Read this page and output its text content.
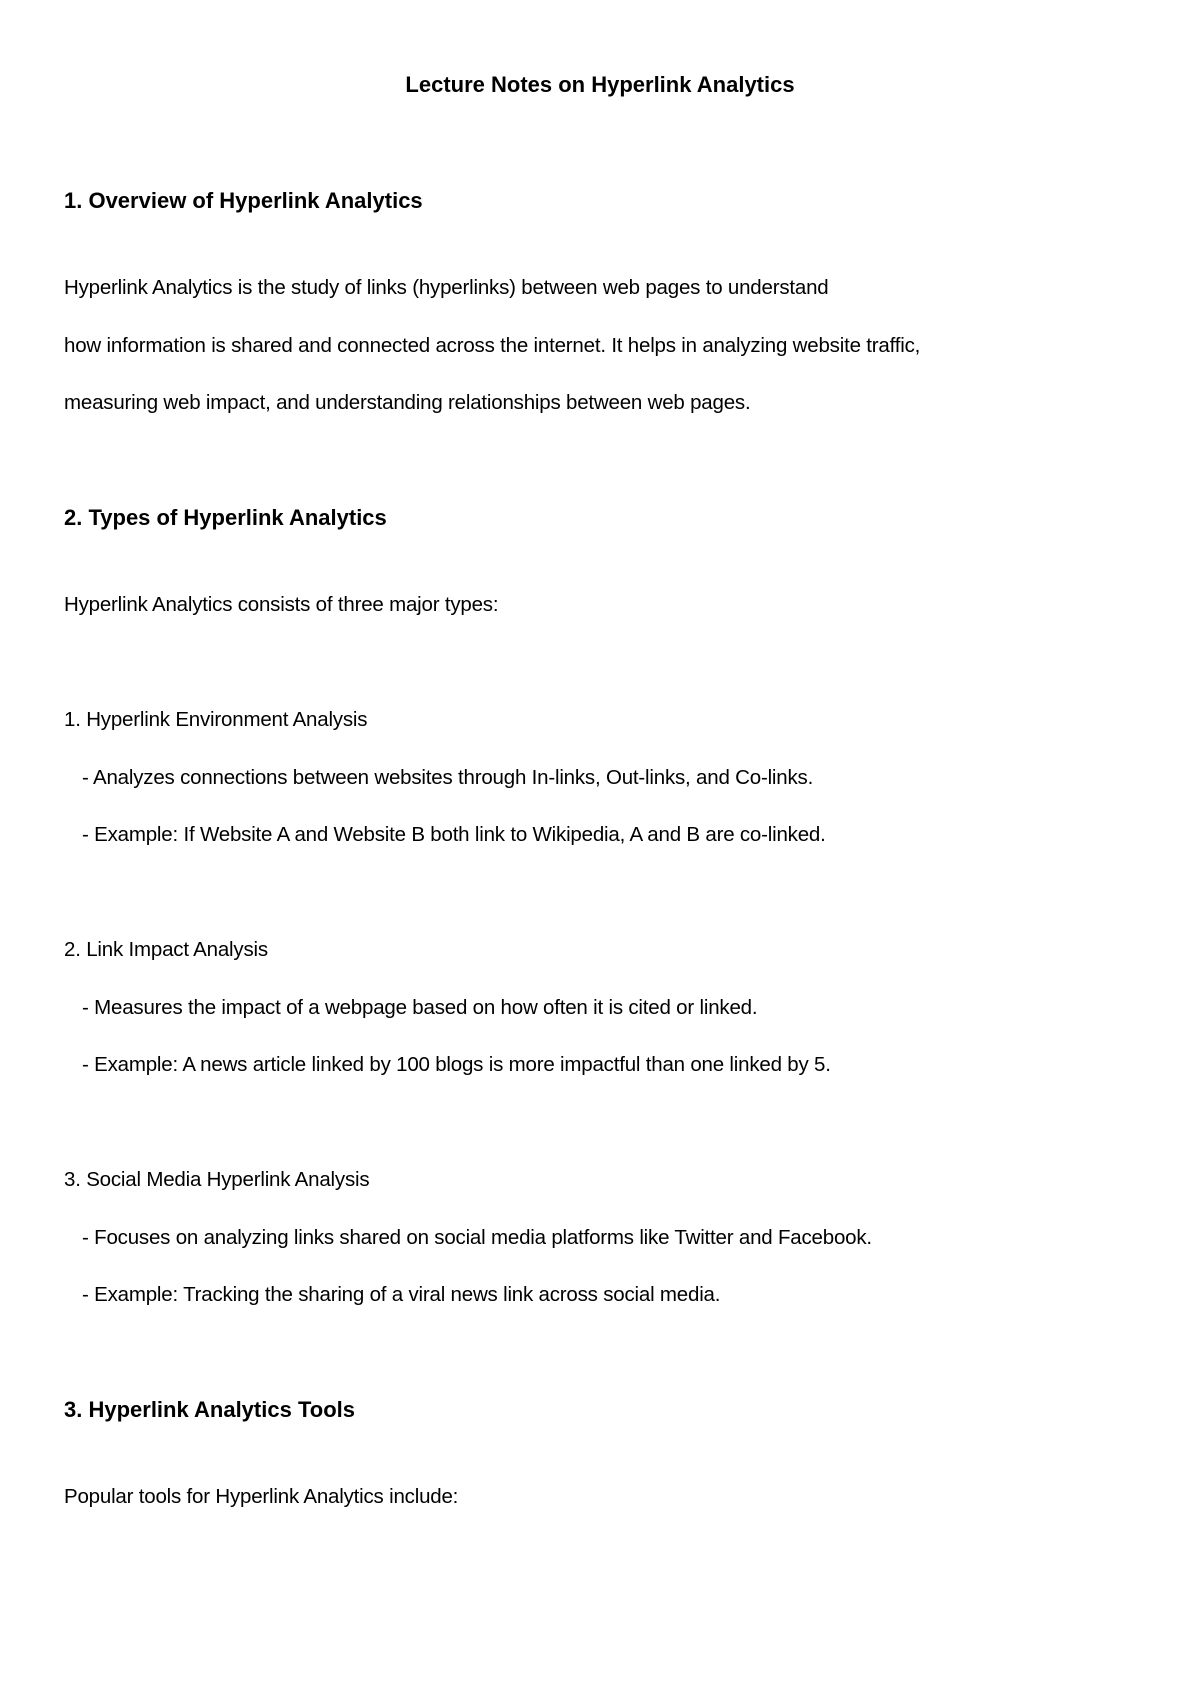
Lecture Notes on Hyperlink Analytics
1. Overview of Hyperlink Analytics
Hyperlink Analytics is the study of links (hyperlinks) between web pages to understand
how information is shared and connected across the internet. It helps in analyzing website traffic,
measuring web impact, and understanding relationships between web pages.
2. Types of Hyperlink Analytics
Hyperlink Analytics consists of three major types:
1. Hyperlink Environment Analysis
- Analyzes connections between websites through In-links, Out-links, and Co-links.
- Example: If Website A and Website B both link to Wikipedia, A and B are co-linked.
2. Link Impact Analysis
- Measures the impact of a webpage based on how often it is cited or linked.
- Example: A news article linked by 100 blogs is more impactful than one linked by 5.
3. Social Media Hyperlink Analysis
- Focuses on analyzing links shared on social media platforms like Twitter and Facebook.
- Example: Tracking the sharing of a viral news link across social media.
3. Hyperlink Analytics Tools
Popular tools for Hyperlink Analytics include:
